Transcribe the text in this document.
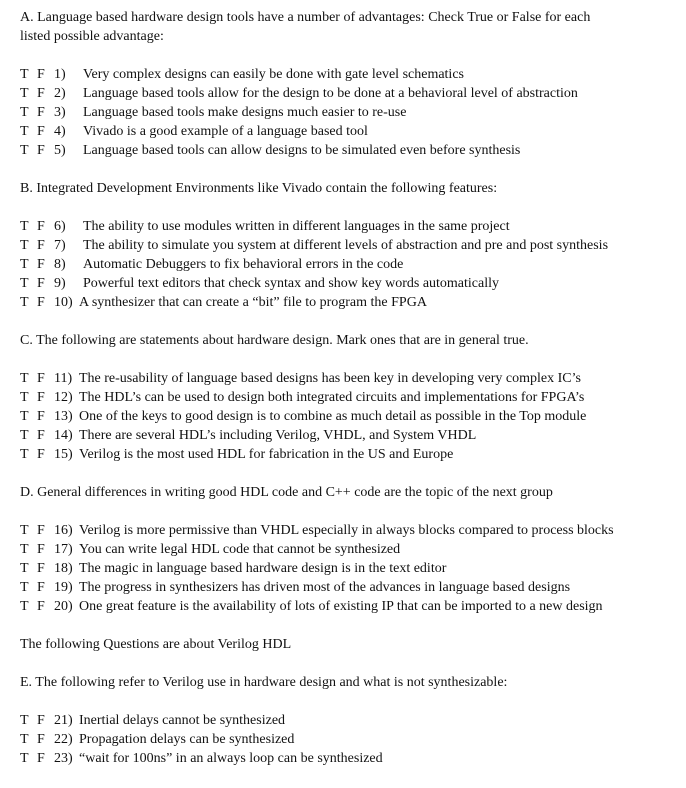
A. Language based hardware design tools have a number of advantages: Check True or False for each
listed possible advantage:

T F 1)	Very complex designs can easily be done with gate level schematics
T F 2)	Language based tools allow for the design to be done at a behavioral level of abstraction
T F 3)	Language based tools make designs much easier to re-use
T F 4)	Vivado is a good example of a language based tool
T F 5)	Language based tools can allow designs to be simulated even before synthesis

B. Integrated Development Environments like Vivado contain the following features:

T F 6)	The ability to use modules written in different languages in the same project
T F 7)	The ability to simulate you system at different levels of abstraction and pre and post synthesis
T F 8)	Automatic Debuggers to fix behavioral errors in the code
T F 9)	Powerful text editors that check syntax and show key words automatically
T F 10) A synthesizer that can create a “bit” file to program the FPGA

C. The following are statements about hardware design. Mark ones that are in general true.

T F 11) The re-usability of language based designs has been key in developing very complex IC’s
T F 12) The HDL’s can be used to design both integrated circuits and implementations for FPGA’s
T F 13) One of the keys to good design is to combine as much detail as possible in the Top module
T F 14) There are several HDL’s including Verilog, VHDL, and System VHDL
T F 15) Verilog is the most used HDL for fabrication in the US and Europe

D. General differences in writing good HDL code and C++ code are the topic of the next group

T F 16) Verilog is more permissive than VHDL especially in always blocks compared to process blocks
T F 17) You can write legal HDL code that cannot be synthesized
T F 18) The magic in language based hardware design is in the text editor
T F 19) The progress in synthesizers has driven most of the advances in language based designs
T F 20) One great feature is the availability of lots of existing IP that can be imported to a new design

The following Questions are about Verilog HDL

E. The following refer to Verilog use in hardware design and what is not synthesizable:

T F 21) Inertial delays cannot be synthesized
T F 22) Propagation delays can be synthesized
T F 23) “wait for 100ns” in an always loop can be synthesized
